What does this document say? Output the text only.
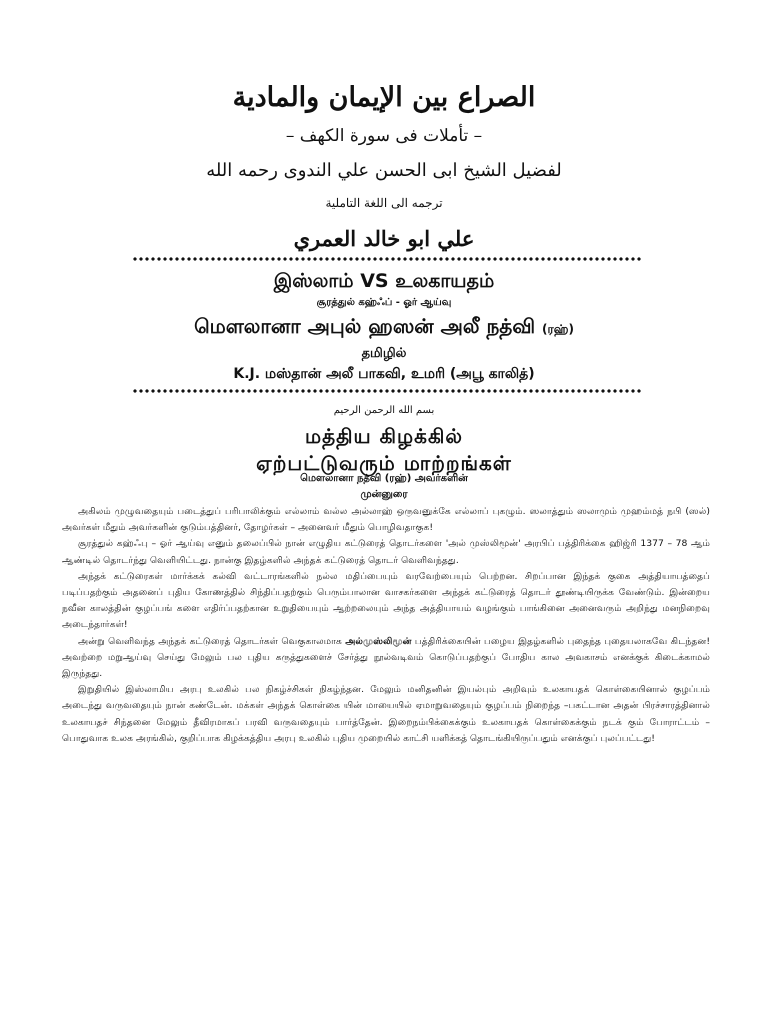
الصراع بين الإيمان والمادية
– تأملات فى سورة الكهف –
لفضيل الشيخ ابى الحسن علي الندوى رحمه الله
ترجمه الى اللغة التاملية
علي ابو خالد العمري
இஸ்லாம் VS உலகாயதம்
சூரத்துல் கஹ்ஃப் - ஓர் ஆய்வு
மௌலானா அபுல் ஹஸன் அலீ நத்வி (ரஹ்)
தமிழில்
K.J. மஸ்தான் அலீ பாகவி, உமரி (அபூ காலித்)
بسم الله الرحمن الرحيم
மத்திய கிழக்கில்
ஏற்பட்டுவரும் மாற்றங்கள்
மௌலானா நத்வி (ரஹ்) அவர்களின்
முன்னுரை

அகிலம் முழுவதையும் படைத்துப் பரிபாலிக்கும் எல்லாம் வல்ல அல்லாஹ் ஒருவனுக்கே எல்லாப் புகழும். ஸலாத்தும் ஸலாமும் முஹம்மத் நபி (ஸல்) அவர்கள் மீதும் அவர்களின் குடும்பத்தினர், தோழர்கள் – அனைவர் மீதும் பொழிவதாகுக!

சூரத்துல் கஹ்ஃபு – ஓர் ஆய்வு எனும் தலைப்பில் நான் எழுதிய கட்டுரைத் தொடர்களை 'அல் முஸ்லிமூன்' அரபிப் பத்திரிக்கை ஹிஜ்ரி 1377 – 78 ஆம் ஆண்டில் தொடர்ந்து வெளியிட்டது. நான்கு இதழ்களில் அந்தக் கட்டுரைத் தொடர் வெளிவந்தது.

அந்தக் கட்டுரைகள் மார்க்கக் கல்வி வட்டாரங்களில் நல்ல மதிப்பையும் வரவேற்பையும் பெற்றன. சிறப்பான இந்தக் குகை அத்தியாயத்தைப் படிப்பதற்கும் அதனைப் புதிய கோணத்தில் சிந்திப்பதற்கும் பெரும்பாலான வாசகர்களை அந்தக் கட்டுரைத் தொடர் தூண்டியிருக்க வேண்டும். இன்றைய நவீன காலத்தின் குழப்பங் களை எதிர்ப்பதற்கான உறுதியையும் ஆற்றலையும் அந்த அத்தியாயம் வழங்கும் பாங்கினை அனைவரும் அறிந்து மனநிறைவு அடைந்தார்கள்!

அன்று வெளிவந்த அந்தக் கட்டுரைத் தொடர்கள் வெகுகாலமாக அல்முஸ்லிமூன் பத்திரிக்கையின் பழைய இதழ்களில் புதைந்த புதையலாகவே கிடந்தன! அவற்றை மறுஆய்வு செய்து மேலும் பல புதிய கருத்துகளைச் சேர்த்து நூல்வடிவம் கொடுப்பதற்குப் போதிய கால அவகாசம் எனக்குக் கிடைக்காமல் இருந்தது.

இறுதியில் இஸ்லாமிய அரபு உலகில் பல நிகழ்ச்சிகள் நிகழ்ந்தன. மேலும் மனிதனின் இயல்பும் அறிவும் உலகாயதக் கொள்கையினால் குழப்பம் அடைந்து வருவதையும் நான் கண்டேன். மக்கள் அந்தக் கொள்கை யின் மாயையில் ஏமாறுவதையும் குழப்பம் நிறைந்த –பகட்டான அதன் பிரச்சாரத்தினால் உலகாயதச் சிந்தனை மேலும் தீவிரமாகப் பரவி வருவதையும் பார்த்தேன். இறைநம்பிக்கைக்கும் உலகாயதக் கொள்கைக்கும் நடக் கும் போராட்டம் – பொதுவாக உலக அரங்கில், குறிப்பாக கிழக்கத்திய அரபு உலகில் புதிய முறையில் காட்சி யளிக்கத் தொடங்கியிருப்பதும் எனக்குப் புலப்பட்டது!
